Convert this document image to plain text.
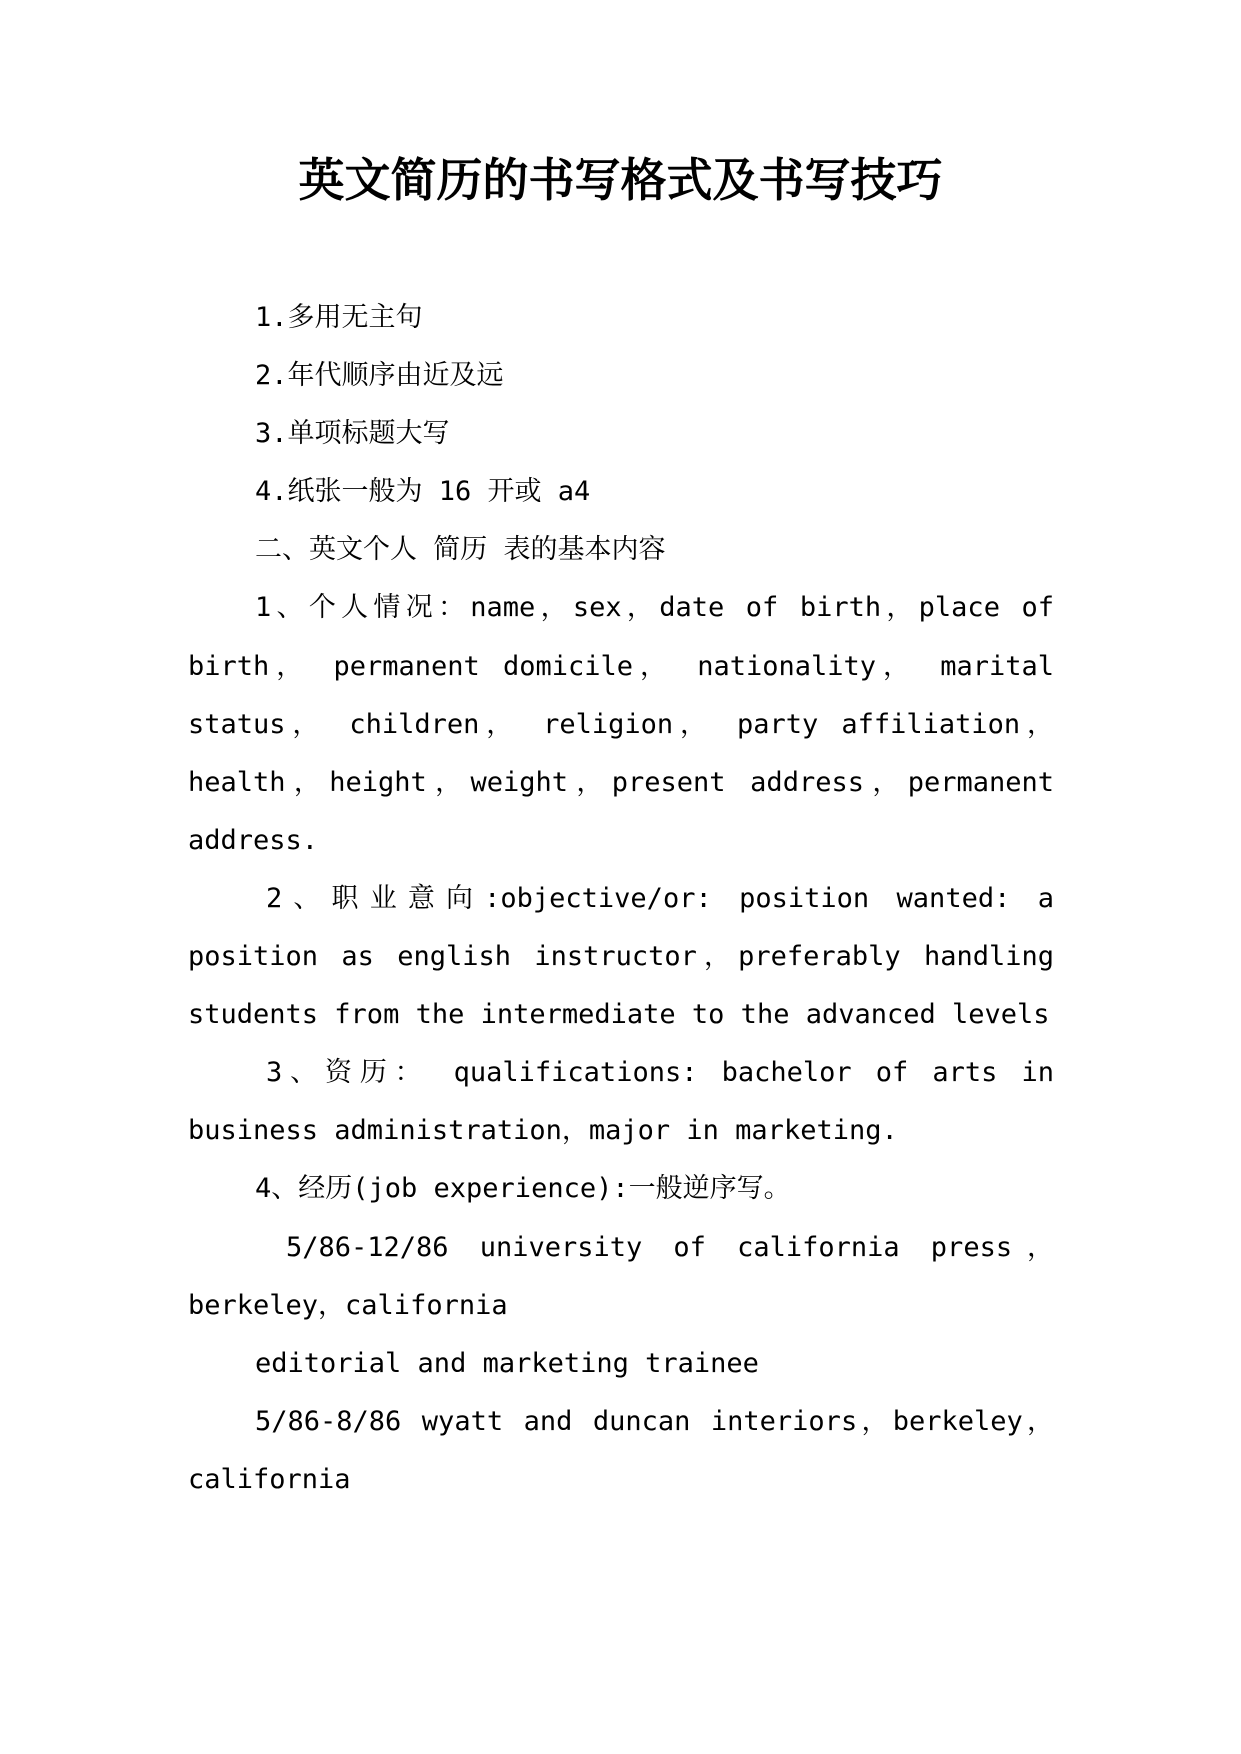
英文简历的书写格式及书写技巧

1.多用无主句

2.年代顺序由近及远

3.单项标题大写

4.纸张一般为 16 开或 a4

二、英文个人 简历 表的基本内容

1、个人情况：name，sex，date of birth，place of birth， permanent domicile， nationality， marital status， children， religion， party affiliation，health，height，weight，present address，permanent address.

2、职业意向:objective/or: position wanted: a position as english instructor，preferably handling students from the intermediate to the advanced levels

3、资历： qualifications: bachelor of arts in business administration，major in marketing.

4、经历(job experience):一般逆序写。

5/86-12/86 university of california press，berkeley，california

editorial and marketing trainee

5/86-8/86 wyatt and duncan interiors，berkeley，california
